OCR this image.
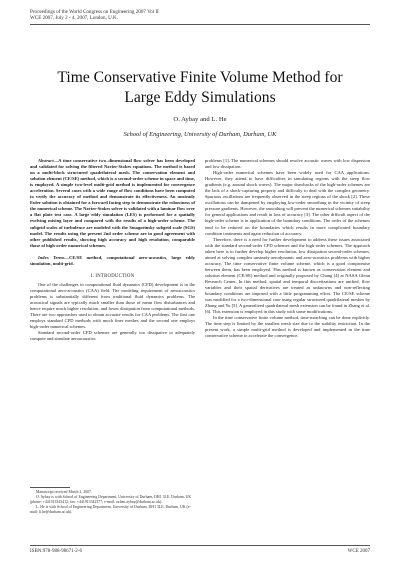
Proceedings of the World Congress on Engineering 2007 Vol II
WCE 2007, July 2 - 4, 2007, London, U.K.
Time Conservative Finite Volume Method for
Large Eddy Simulations
O. Aybay and L. He
School of Engineering, University of Durham, Durham, UK

Abstract—A time conservative two–dimensional flow solver has been developed and validated for solving the filtered Navier-Stokes equations. The method is based on a multi-block structured quadrilateral mesh. The conservation element and solution element (CE/SE) method, which is a second-order scheme in space and time, is employed. A simple two-level multi-grid method is implemented for convergence acceleration. Several cases with a wide range of flow conditions have been computed to verify the accuracy of method and demonstrate its effectiveness. An unsteady Euler solution is obtained for a forward facing step to demonstrate the robustness of the numerical scheme. The Navier-Stokes solver is validated with a laminar flow over a flat plate test case. A large eddy simulation (LES) is performed for a spatially evolving mixing layer and compared with the results of a high-order scheme. The subgrid scales of turbulence are modeled with the Smagorinsky subgrid scale (SGS) model. The results using the present 2nd order scheme are in good agreement with other published results, showing high accuracy and high resolution, comparable those of high-order numerical schemes.

Index Terms—CE/SE method, computational aero-acoustics, large eddy simulation, multi-grid.

I. INTRODUCTION

One of the challenges in computational fluid dynamics (CFD) development is in the computational aero-acoustics (CAA) field. The modeling requirement of aeroacoustics problems is substantially different from traditional fluid dynamics problems. The acoustical signals are typically much smaller than those of mean flow disturbances and hence require much higher resolution, and lower dissipation from computational methods. There are two approaches used to obtain accurate results for CAA problems. The first one employs standard CFD methods with much finer meshes and the second one employs high-order numerical schemes.

Standard second-order CFD schemes are generally too dissipative to adequately compute and simulate aeroacoustics

Manuscript received March 2, 2007.

O. Aybay is with School of Engineering Department, University of Durham, DH1 3LE, Durham, UK (phone: +441913343412; fax: +441913342377; e-mail: ozlem.aybay@durham.ac.uk).

L. He is with School of Engineering Department, University of Durham, DH1 3LE, Durham, UK (e-mail: li.he@durham.ac.uk).

problems [1]. The numerical schemes should resolve acoustic waves with low dispersion and low dissipation.

High-order numerical schemes have been widely used for CAA applications. However, they attend to have difficulties in simulating regions with the steep flow gradients (e.g. around shock waves). The major drawbacks of the high-order schemes are the lack of a shock-capturing property and difficulty to deal with the complex geometry. Spurious oscillations are frequently observed in the steep regions of the shock [2]. These oscillations can be dampened by employing low-order smoothing in the vicinity of steep pressure gradients. However, the smoothing will prevent the numerical schemes suitability for general applications and result in loss of accuracy [3]. The other difficult aspect of the high-order scheme is in application of the boundary conditions. The order of the schemes tend to be reduced on the boundaries which results in more complicated boundary condition treatments and again reduction of accuracy.

Therefore, there is a need for further development to address these issues associated with the standard second-order CFD schemes and the high-order schemes. The approach taken here is to further develop higher resolution, low dissipation second-order schemes, aimed at solving complex unsteady aerodynamic and aero-acoustics problems with higher accuracy. The time conservative finite volume scheme, which is a good compromise between them, has been employed. This method is known as conservation element and solution element (CE/SE) method and originally proposed by Chang [4] at NASA Glenn Research Center. In this method, spatial and temporal discretizations are unified, flow variables and their spatial derivatives are treated as unknowns and non-reflecting boundary conditions are imposed with a little programming effort. The CE/SE scheme was modified for a two-dimensional case using regular structured quadrilateral meshes by Zhang and Yu [5]. A generalized quadrilateral mesh extension can be found in Zhang et al. [6]. This extension is employed in this study with some modifications.

In the time conservative finite volume method, time-marching can be done explicitly. The time step is limited by the smallest mesh size due to the stability restriction. In the present work, a simple multi-grid method is developed and implemented in the time conservative scheme to accelerate the convergence.

ISBN:978-988-98671-2-6	WCE 2007
